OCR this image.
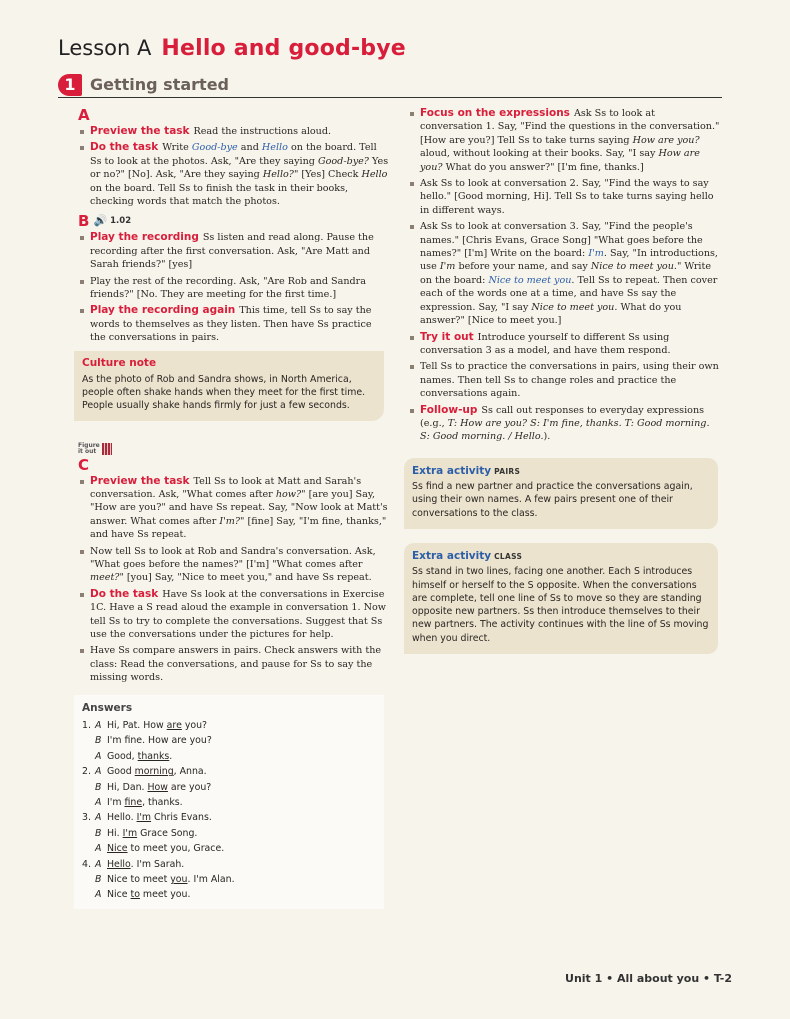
Lesson A Hello and good-bye
1 Getting started
A
Preview the task Read the instructions aloud.
Do the task Write Good-bye and Hello on the board. Tell Ss to look at the photos. Ask, "Are they saying Good-bye? Yes or no?" [No]. Ask, "Are they saying Hello?" [Yes] Check Hello on the board. Tell Ss to finish the task in their books, checking words that match the photos.
B 🔊 1.02
Play the recording Ss listen and read along. Pause the recording after the first conversation. Ask, "Are Matt and Sarah friends?" [yes]
Play the rest of the recording. Ask, "Are Rob and Sandra friends?" [No. They are meeting for the first time.]
Play the recording again This time, tell Ss to say the words to themselves as they listen. Then have Ss practice the conversations in pairs.
Culture note
As the photo of Rob and Sandra shows, in North America, people often shake hands when they meet for the first time. People usually shake hands firmly for just a few seconds.
Figure
it out
C
Preview the task Tell Ss to look at Matt and Sarah's conversation. Ask, "What comes after how?" [are you] Say, "How are you?" and have Ss repeat. Say, "Now look at Matt's answer. What comes after I'm?" [fine] Say, "I'm fine, thanks," and have Ss repeat.
Now tell Ss to look at Rob and Sandra's conversation. Ask, "What goes before the names?" [I'm] "What comes after meet?" [you] Say, "Nice to meet you," and have Ss repeat.
Do the task Have Ss look at the conversations in Exercise 1C. Have a S read aloud the example in conversation 1. Now tell Ss to try to complete the conversations. Suggest that Ss use the conversations under the pictures for help.
Have Ss compare answers in pairs. Check answers with the class: Read the conversations, and pause for Ss to say the missing words.
Answers
1. A Hi, Pat. How are you?
B I'm fine. How are you?
A Good, thanks.
2. A Good morning, Anna.
B Hi, Dan. How are you?
A I'm fine, thanks.
3. A Hello. I'm Chris Evans.
B Hi. I'm Grace Song.
A Nice to meet you, Grace.
4. A Hello. I'm Sarah.
B Nice to meet you. I'm Alan.
A Nice to meet you.
Focus on the expressions Ask Ss to look at conversation 1. Say, "Find the questions in the conversation." [How are you?] Tell Ss to take turns saying How are you? aloud, without looking at their books. Say, "I say How are you? What do you answer?" [I'm fine, thanks.]
Ask Ss to look at conversation 2. Say, "Find the ways to say hello." [Good morning, Hi]. Tell Ss to take turns saying hello in different ways.
Ask Ss to look at conversation 3. Say, "Find the people's names." [Chris Evans, Grace Song] "What goes before the names?" [I'm] Write on the board: I'm. Say, "In introductions, use I'm before your name, and say Nice to meet you." Write on the board: Nice to meet you. Tell Ss to repeat. Then cover each of the words one at a time, and have Ss say the expression. Say, "I say Nice to meet you. What do you answer?" [Nice to meet you.]
Try it out Introduce yourself to different Ss using conversation 3 as a model, and have them respond.
Tell Ss to practice the conversations in pairs, using their own names. Then tell Ss to change roles and practice the conversations again.
Follow-up Ss call out responses to everyday expressions (e.g., T: How are you? S: I'm fine, thanks. T: Good morning. S: Good morning. / Hello.).
Extra activity PAIRS
Ss find a new partner and practice the conversations again, using their own names. A few pairs present one of their conversations to the class.
Extra activity CLASS
Ss stand in two lines, facing one another. Each S introduces himself or herself to the S opposite. When the conversations are complete, tell one line of Ss to move so they are standing opposite new partners. Ss then introduce themselves to their new partners. The activity continues with the line of Ss moving when you direct.
Unit 1 • All about you • T-2
